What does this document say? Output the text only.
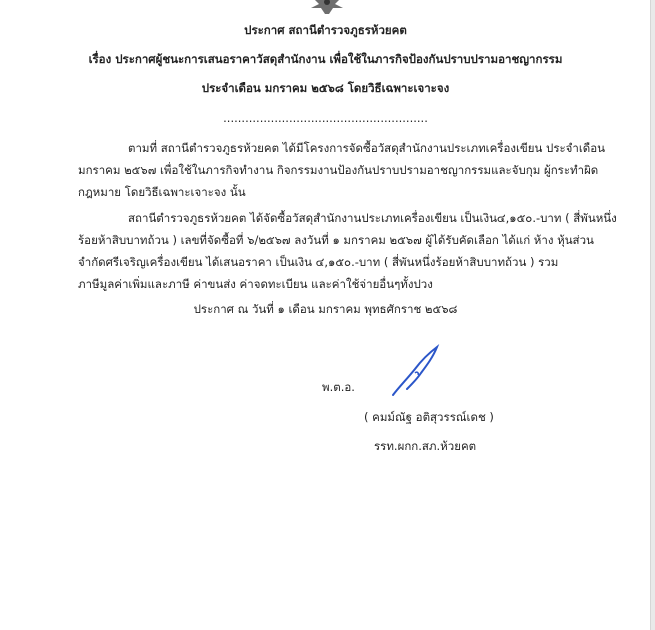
ประกาศ สถานีตำรวจภูธรห้วยคต
เรื่อง ประกาศผู้ชนะการเสนอราคาวัสดุสำนักงาน เพื่อใช้ในภารกิจป้องกันปราบปรามอาชญากรรม
ประจำเดือน มกราคม ๒๕๖๘ โดยวิธีเฉพาะเจาะจง
........................................................
ตามที่ สถานีตำรวจภูธรห้วยคต ได้มีโครงการจัดซื้อวัสดุสำนักงานประเภทเครื่องเขียน ประจำเดือน
มกราคม ๒๕๖๗ เพื่อใช้ในภารกิจทำงาน กิจกรรมงานป้องกันปราบปรามอาชญากรรมและจับกุม ผู้กระทำผิด
กฎหมาย โดยวิธีเฉพาะเจาะจง นั้น
สถานีตำรวจภูธรห้วยคต ได้จัดซื้อวัสดุสำนักงานประเภทเครื่องเขียน เป็นเงิน๔,๑๕๐.-บาท ( สี่พันหนึ่ง
ร้อยห้าสิบบาทถ้วน ) เลขที่จัดซื้อที่ ๖/๒๕๖๗ ลงวันที่ ๑ มกราคม ๒๕๖๗ ผู้ได้รับคัดเลือก ได้แก่ ห้าง หุ้นส่วน
จำกัดศรีเจริญเครื่องเขียน ได้เสนอราคา เป็นเงิน ๔,๑๕๐.-บาท ( สี่พันหนึ่งร้อยห้าสิบบาทถ้วน ) รวม
ภาษีมูลค่าเพิ่มและภาษี ค่าขนส่ง ค่าจดทะเบียน และค่าใช้จ่ายอื่นๆทั้งปวง
ประกาศ ณ วันที่ ๑ เดือน มกราคม พุทธศักราช ๒๕๖๘
พ.ต.อ.
( คมม์ณัฐ อติสุวรรณ์เดช )
รรท.ผกก.สภ.ห้วยคต
